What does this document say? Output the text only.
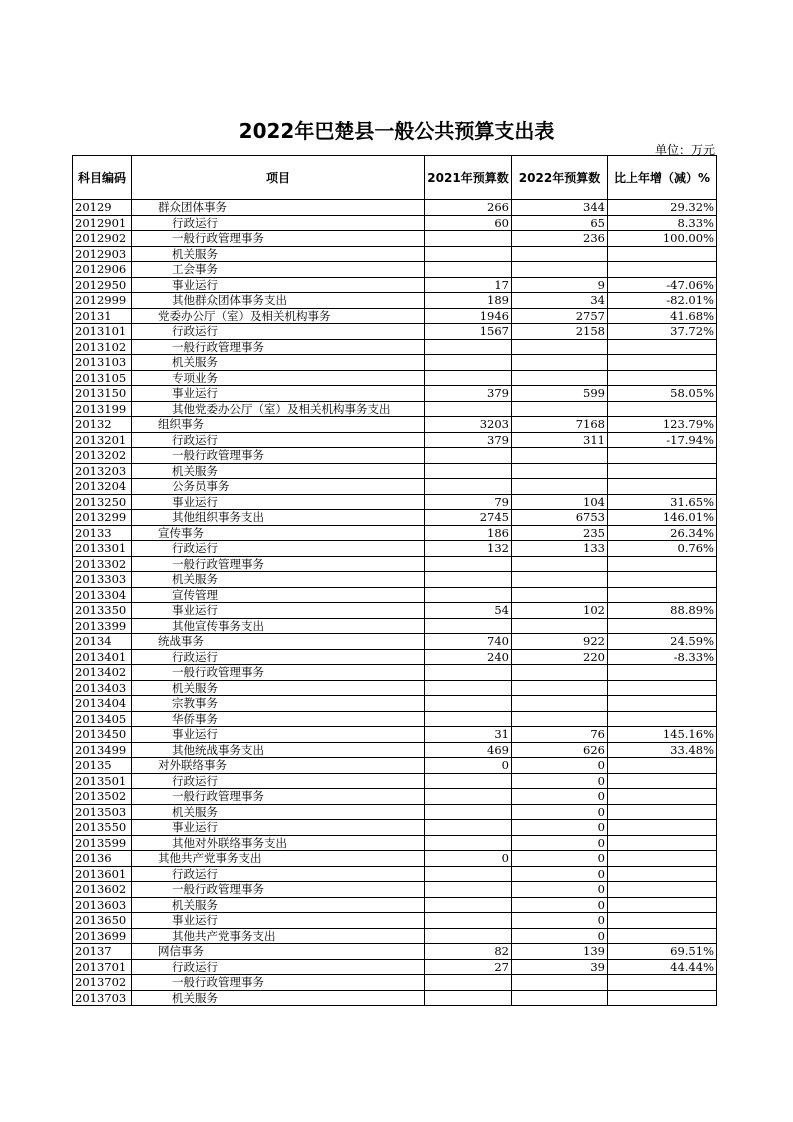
2022年巴楚县一般公共预算支出表
单位：万元
科目编码	项目	2021年预算数	2022年预算数	比上年增（减）%
20129	群众团体事务	266	344	29.32%
2012901	行政运行	60	65	8.33%
2012902	一般行政管理事务		236	100.00%
2012903	机关服务			
2012906	工会事务			
2012950	事业运行	17	9	-47.06%
2012999	其他群众团体事务支出	189	34	-82.01%
20131	党委办公厅（室）及相关机构事务	1946	2757	41.68%
2013101	行政运行	1567	2158	37.72%
2013102	一般行政管理事务			
2013103	机关服务			
2013105	专项业务			
2013150	事业运行	379	599	58.05%
2013199	其他党委办公厅（室）及相关机构事务支出			
20132	组织事务	3203	7168	123.79%
2013201	行政运行	379	311	-17.94%
2013202	一般行政管理事务			
2013203	机关服务			
2013204	公务员事务			
2013250	事业运行	79	104	31.65%
2013299	其他组织事务支出	2745	6753	146.01%
20133	宣传事务	186	235	26.34%
2013301	行政运行	132	133	0.76%
2013302	一般行政管理事务			
2013303	机关服务			
2013304	宣传管理			
2013350	事业运行	54	102	88.89%
2013399	其他宣传事务支出			
20134	统战事务	740	922	24.59%
2013401	行政运行	240	220	-8.33%
2013402	一般行政管理事务			
2013403	机关服务			
2013404	宗教事务			
2013405	华侨事务			
2013450	事业运行	31	76	145.16%
2013499	其他统战事务支出	469	626	33.48%
20135	对外联络事务	0	0	
2013501	行政运行		0	
2013502	一般行政管理事务		0	
2013503	机关服务		0	
2013550	事业运行		0	
2013599	其他对外联络事务支出		0	
20136	其他共产党事务支出	0	0	
2013601	行政运行		0	
2013602	一般行政管理事务		0	
2013603	机关服务		0	
2013650	事业运行		0	
2013699	其他共产党事务支出		0	
20137	网信事务	82	139	69.51%
2013701	行政运行	27	39	44.44%
2013702	一般行政管理事务			
2013703	机关服务			
